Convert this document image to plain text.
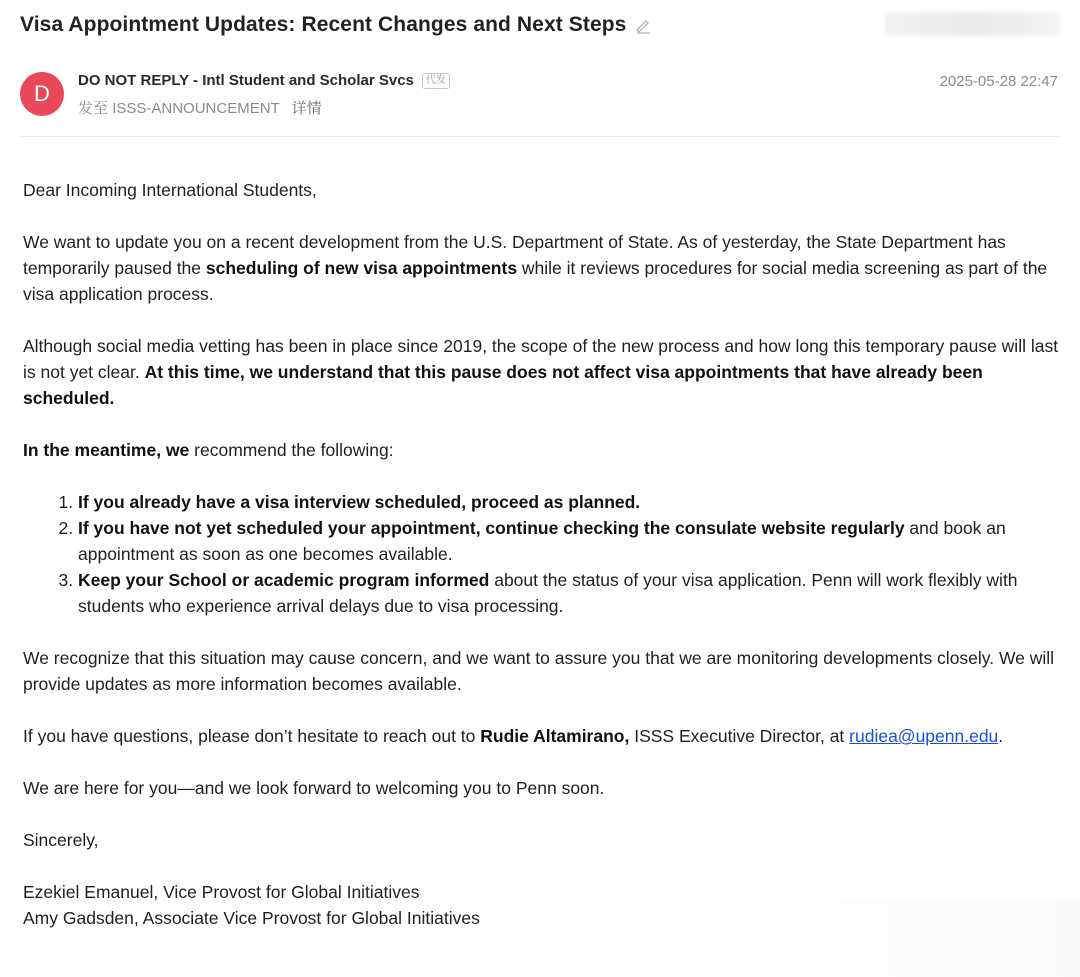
Visa Appointment Updates: Recent Changes and Next Steps
D
DO NOT REPLY - Intl Student and Scholar Svcs 代发
发至 ISSS-ANNOUNCEMENT 详情
2025-05-28 22:47

Dear Incoming International Students,

We want to update you on a recent development from the U.S. Department of State. As of yesterday, the State Department has temporarily paused the scheduling of new visa appointments while it reviews procedures for social media screening as part of the visa application process.

Although social media vetting has been in place since 2019, the scope of the new process and how long this temporary pause will last is not yet clear. At this time, we understand that this pause does not affect visa appointments that have already been scheduled.

In the meantime, we recommend the following:

1. If you already have a visa interview scheduled, proceed as planned.
2. If you have not yet scheduled your appointment, continue checking the consulate website regularly and book an appointment as soon as one becomes available.
3. Keep your School or academic program informed about the status of your visa application. Penn will work flexibly with students who experience arrival delays due to visa processing.

We recognize that this situation may cause concern, and we want to assure you that we are monitoring developments closely. We will provide updates as more information becomes available.

If you have questions, please don’t hesitate to reach out to Rudie Altamirano, ISSS Executive Director, at rudiea@upenn.edu.

We are here for you—and we look forward to welcoming you to Penn soon.

Sincerely,

Ezekiel Emanuel, Vice Provost for Global Initiatives
Amy Gadsden, Associate Vice Provost for Global Initiatives
